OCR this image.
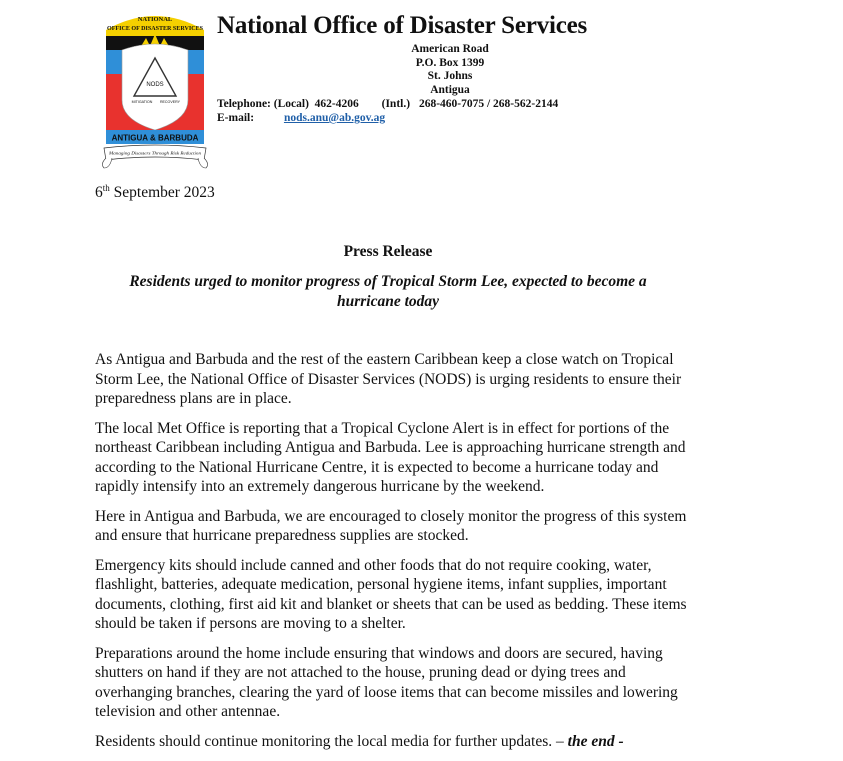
NATIONAL
OFFICE OF DISASTER SERVICES
NODS
MITIGATION RECOVERY
ANTIGUA & BARBUDA
Managing Disasters Through Risk Reduction
National Office of Disaster Services
American Road
P.O. Box 1399
St. Johns
Antigua
Telephone: (Local) 462-4206 (Intl.) 268-460-7075 / 268-562-2144
E-mail:	nods.anu@ab.gov.ag
6th September 2023
Press Release
Residents urged to monitor progress of Tropical Storm Lee, expected to become a hurricane today

As Antigua and Barbuda and the rest of the eastern Caribbean keep a close watch on Tropical Storm Lee, the National Office of Disaster Services (NODS) is urging residents to ensure their preparedness plans are in place.

The local Met Office is reporting that a Tropical Cyclone Alert is in effect for portions of the northeast Caribbean including Antigua and Barbuda. Lee is approaching hurricane strength and according to the National Hurricane Centre, it is expected to become a hurricane today and rapidly intensify into an extremely dangerous hurricane by the weekend.

Here in Antigua and Barbuda, we are encouraged to closely monitor the progress of this system and ensure that hurricane preparedness supplies are stocked.

Emergency kits should include canned and other foods that do not require cooking, water, flashlight, batteries, adequate medication, personal hygiene items, infant supplies, important documents, clothing, first aid kit and blanket or sheets that can be used as bedding. These items should be taken if persons are moving to a shelter.

Preparations around the home include ensuring that windows and doors are secured, having shutters on hand if they are not attached to the house, pruning dead or dying trees and overhanging branches, clearing the yard of loose items that can become missiles and lowering television and other antennae.

Residents should continue monitoring the local media for further updates. – the end -
